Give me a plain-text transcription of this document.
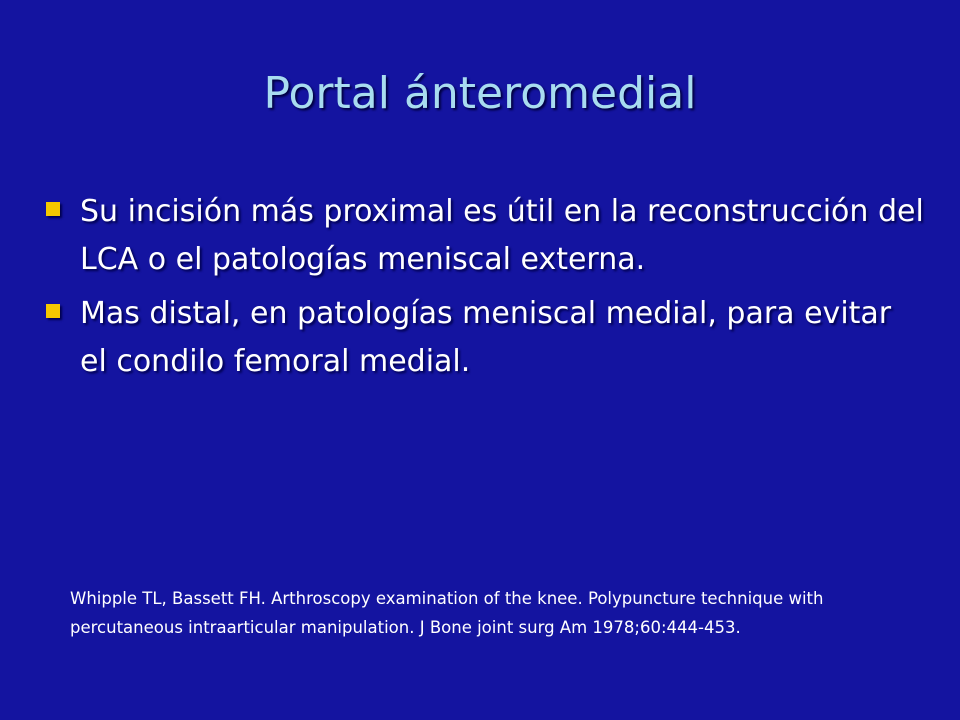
Portal ánteromedial
Su incisión más proximal es útil en la reconstrucción del LCA o el patologías meniscal externa.
Mas distal, en patologías meniscal medial, para evitar el condilo femoral medial.
Whipple TL, Bassett FH. Arthroscopy examination of the knee. Polypuncture technique with percutaneous intraarticular manipulation. J Bone joint surg Am 1978;60:444-453.
